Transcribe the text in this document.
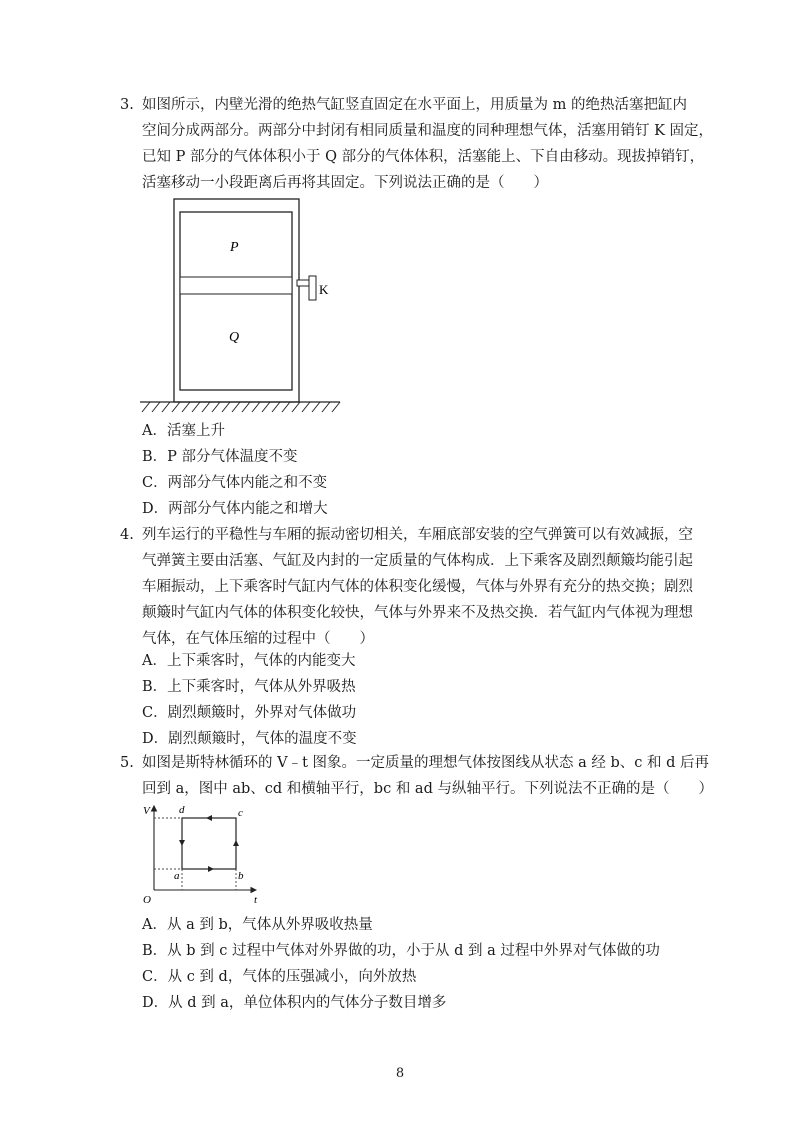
3. 如图所示，内壁光滑的绝热气缸竖直固定在水平面上，用质量为 m 的绝热活塞把缸内
空间分成两部分。两部分中封闭有相同质量和温度的同种理想气体，活塞用销钉 K 固定，
已知 P 部分的气体体积小于 Q 部分的气体体积，活塞能上、下自由移动。现拔掉销钉，
活塞移动一小段距离后再将其固定。下列说法正确的是（　　）
P
Q
K
A．活塞上升
B．P 部分气体温度不变
C．两部分气体内能之和不变
D．两部分气体内能之和增大
4. 列车运行的平稳性与车厢的振动密切相关，车厢底部安装的空气弹簧可以有效减振，空
气弹簧主要由活塞、气缸及内封的一定质量的气体构成．上下乘客及剧烈颠簸均能引起
车厢振动，上下乘客时气缸内气体的体积变化缓慢，气体与外界有充分的热交换；剧烈
颠簸时气缸内气体的体积变化较快，气体与外界来不及热交换．若气缸内气体视为理想
气体，在气体压缩的过程中（　　）
A．上下乘客时，气体的内能变大
B．上下乘客时，气体从外界吸热
C．剧烈颠簸时，外界对气体做功
D．剧烈颠簸时，气体的温度不变
5. 如图是斯特林循环的 V﹣t 图象。一定质量的理想气体按图线从状态 a 经 b、c 和 d 后再
回到 a，图中 ab、cd 和横轴平行，bc 和 ad 与纵轴平行。下列说法不正确的是（　　）
V
t
O
a	b
c
d
A．从 a 到 b，气体从外界吸收热量
B．从 b 到 c 过程中气体对外界做的功，小于从 d 到 a 过程中外界对气体做的功
C．从 c 到 d，气体的压强减小，向外放热
D．从 d 到 a，单位体积内的气体分子数目增多
8
